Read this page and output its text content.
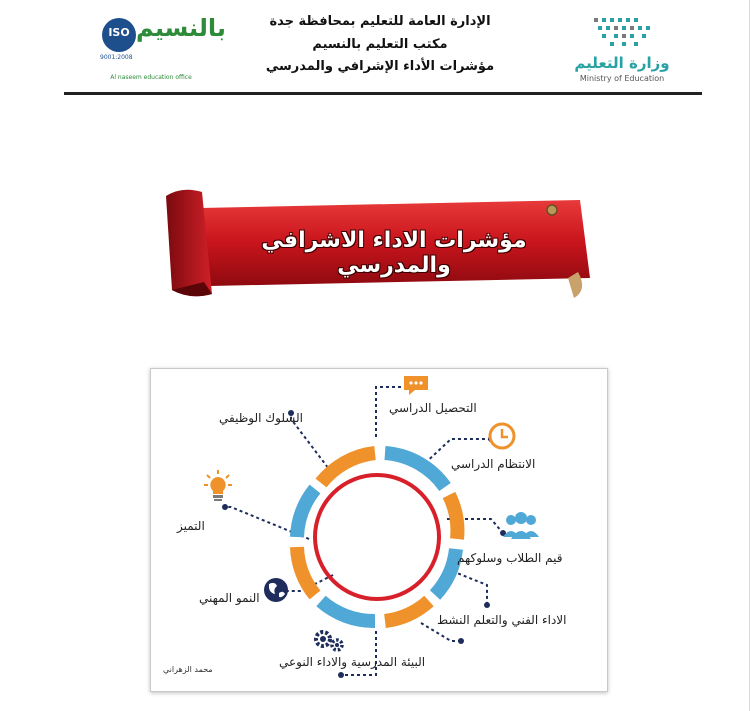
الإدارة العامة للتعليم بمحافظة جدة
مكتب التعليم بالنسيم
مؤشرات الأداء الإشرافي والمدرسي	وزارة التعليم
Ministry of Education
ISO
9001:2008
بالنسيم
Al naseem education office
مؤشرات الاداء الاشرافي والمدرسي
التحصيل الدراسي
الانتظام الدراسي
قيم الطلاب وسلوكهم
الاداء الفني والتعلم النشط
البيئة المدرسية والاداء النوعي
النمو المهني
التميز
السلوك الوظيفي
محمد الزهراني
